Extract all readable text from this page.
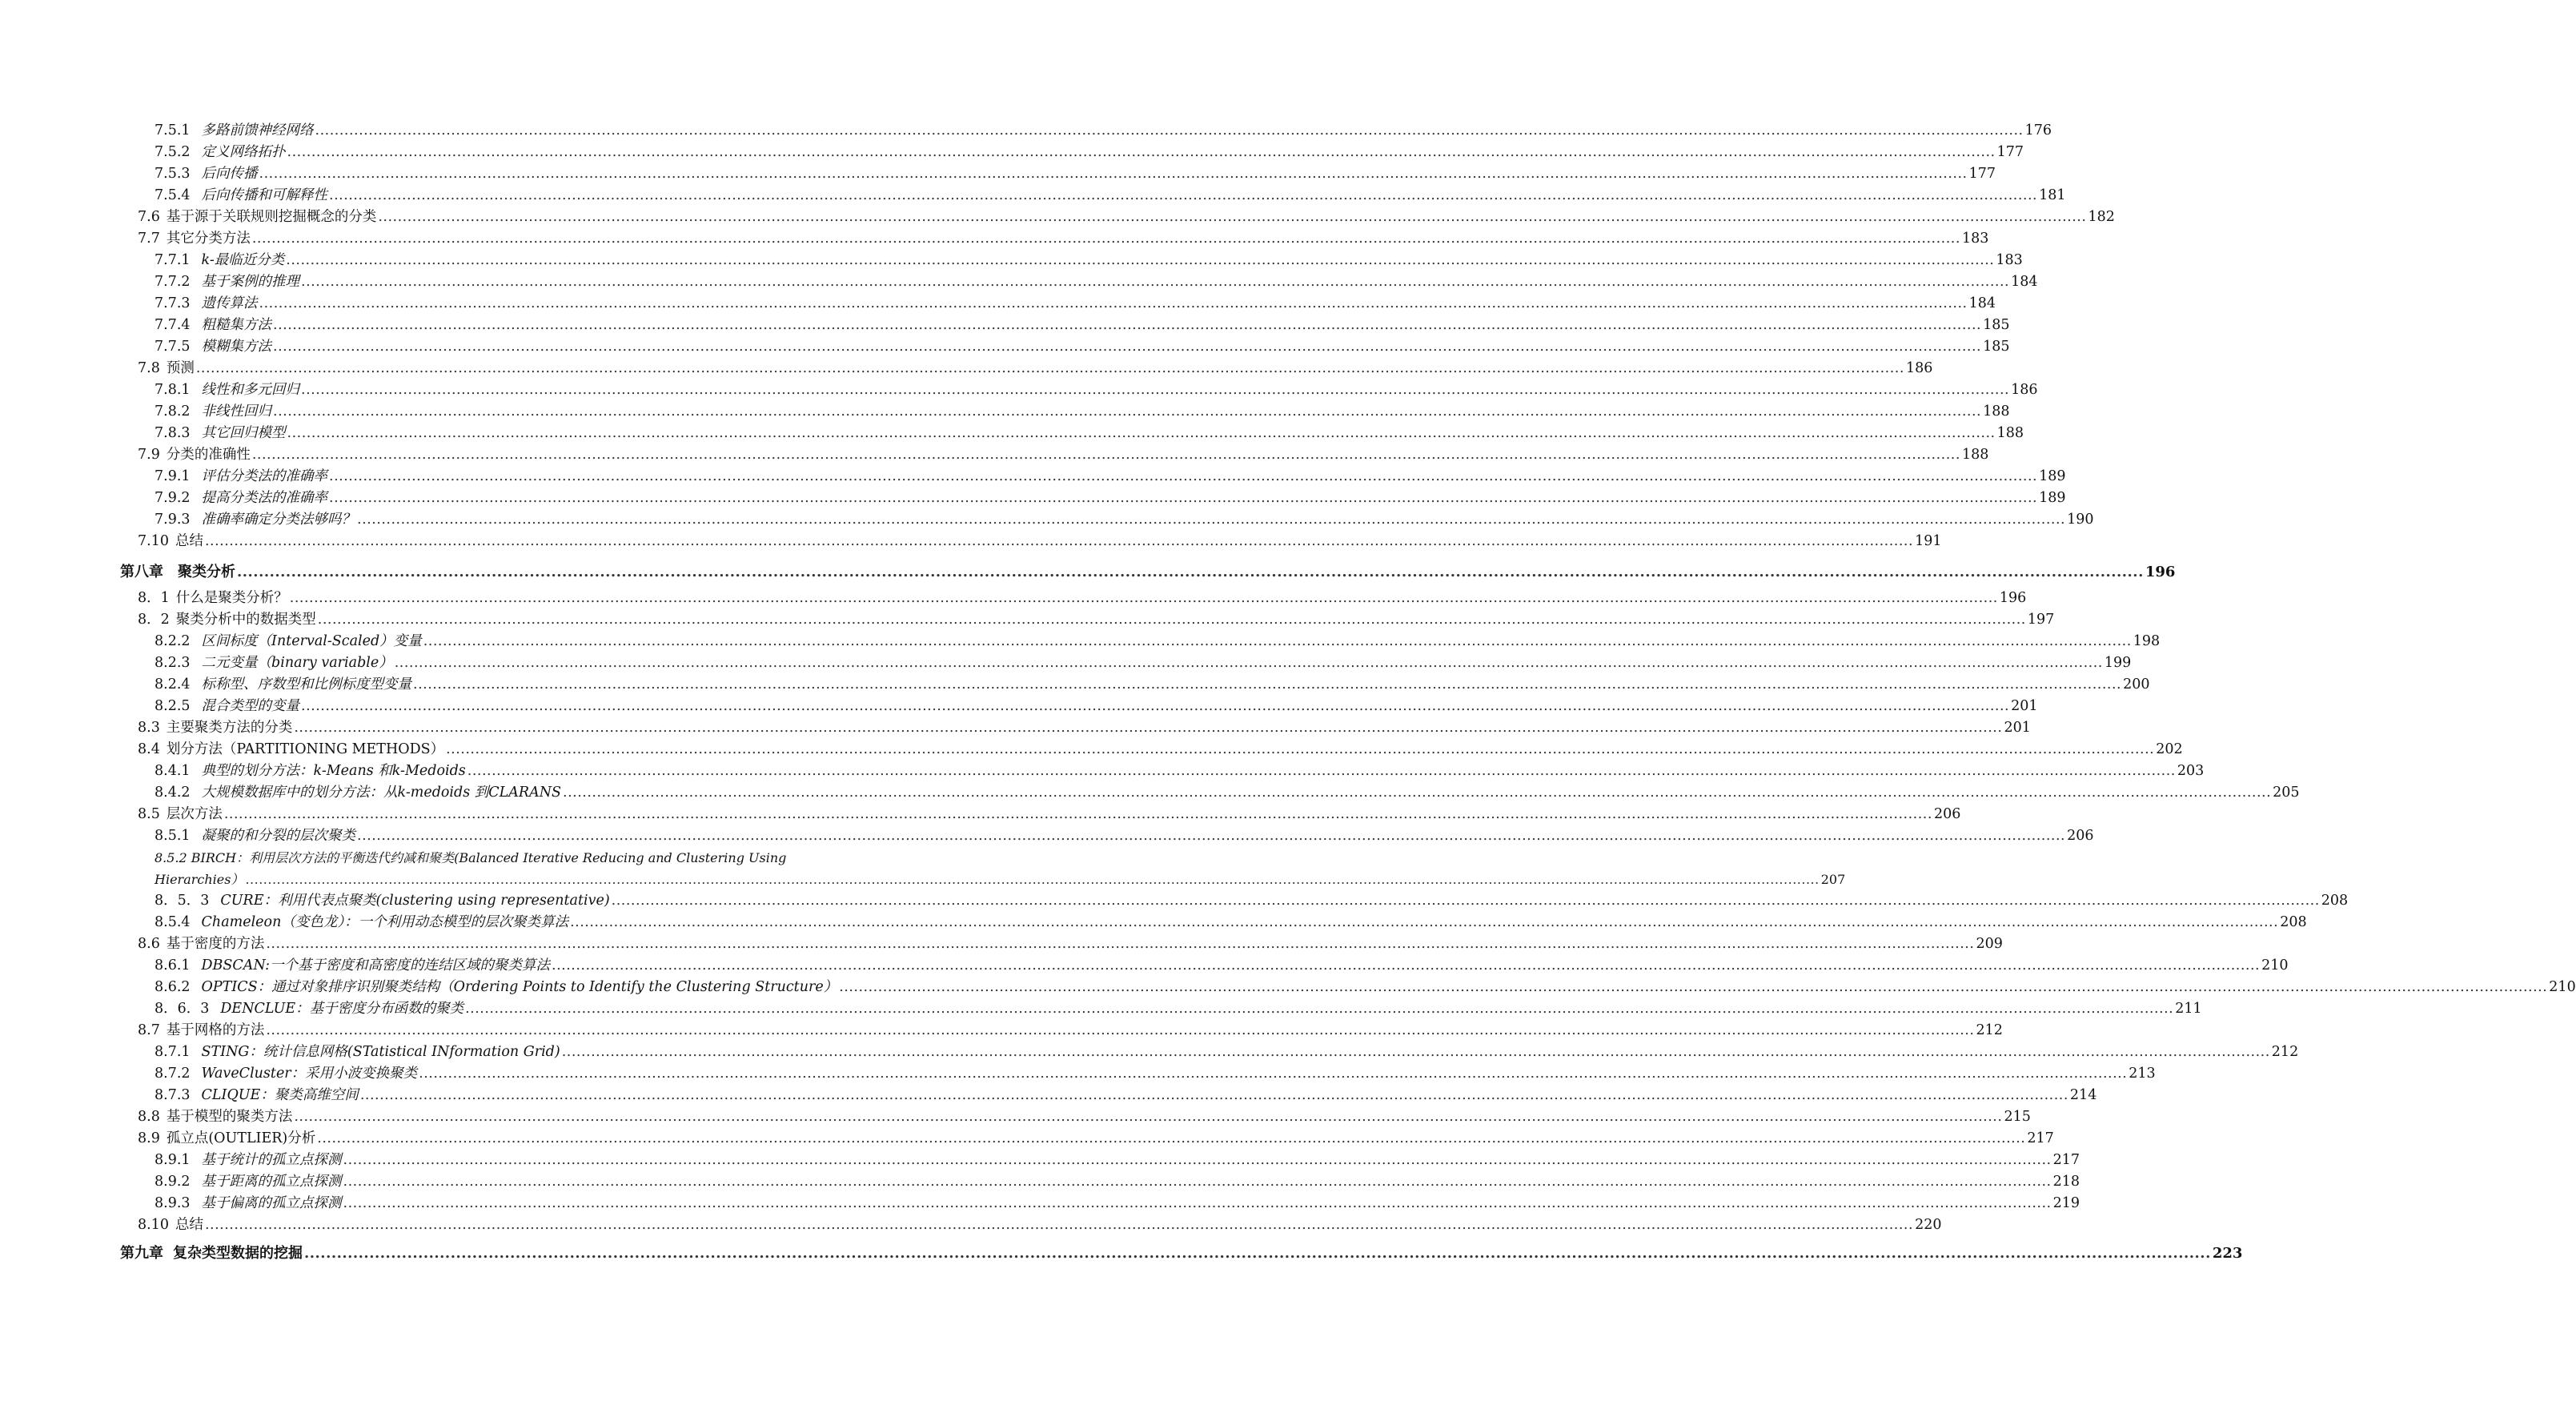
7.5.1 多路前馈神经网络 .....	176
7.5.2 定义网络拓扑 .....	177
7.5.3 后向传播 .....	177
7.5.4 后向传播和可解释性 .....	181
7.6 基于源于关联规则挖掘概念的分类 .....	182
7.7 其它分类方法 .....	183
7.7.1 k-最临近分类 .....	183
7.7.2 基于案例的推理 .....	184
7.7.3 遗传算法 .....	184
7.7.4 粗糙集方法 .....	185
7.7.5 模糊集方法 .....	185
7.8 预测 .....	186
7.8.1 线性和多元回归 .....	186
7.8.2 非线性回归 .....	188
7.8.3 其它回归模型 .....	188
7.9 分类的准确性 .....	188
7.9.1 评估分类法的准确率 .....	189
7.9.2 提高分类法的准确率 .....	189
7.9.3 准确率确定分类法够吗？ .....	190
7.10 总结 .....	191
第八章 聚类分析 .....	196
8．1 什么是聚类分析？ .....	196
8．2 聚类分析中的数据类型 .....	197
8.2.2 区间标度（Interval-Scaled）变量 .....	198
8.2.3 二元变量（binary variable） .....	199
8.2.4 标称型、序数型和比例标度型变量 .....	200
8.2.5 混合类型的变量 .....	201
8.3 主要聚类方法的分类 .....	201
8.4 划分方法（PARTITIONING METHODS） .....	202
8.4.1 典型的划分方法：k-Means 和k-Medoids .....	203
8.4.2 大规模数据库中的划分方法：从k-medoids 到CLARANS .....	205
8.5 层次方法 .....	206
8.5.1 凝聚的和分裂的层次聚类 .....	206
8.5.2 BIRCH：利用层次方法的平衡迭代约减和聚类(Balanced Iterative Reducing and Clustering Using
Hierarchies） .....	207
8．5．3 CURE：利用代表点聚类(clustering using representative) .....	208
8.5.4 Chameleon（变色龙）：一个利用动态模型的层次聚类算法 .....	208
8.6 基于密度的方法 .....	209
8.6.1 DBSCAN:一个基于密度和高密度的连结区域的聚类算法 .....	210
8.6.2 OPTICS：通过对象排序识别聚类结构（Ordering Points to Identify the Clustering Structure） .....	210
8．6．3 DENCLUE：基于密度分布函数的聚类 .....	211
8.7 基于网格的方法 .....	212
8.7.1 STING：统计信息网格(STatistical INformation Grid) .....	212
8.7.2 WaveCluster：采用小波变换聚类 .....	213
8.7.3 CLIQUE：聚类高维空间 .....	214
8.8 基于模型的聚类方法 .....	215
8.9 孤立点(OUTLIER)分析 .....	217
8.9.1 基于统计的孤立点探测 .....	217
8.9.2 基于距离的孤立点探测 .....	218
8.9.3 基于偏离的孤立点探测 .....	219
8.10 总结 .....	220
第九章 复杂类型数据的挖掘 .....	223
